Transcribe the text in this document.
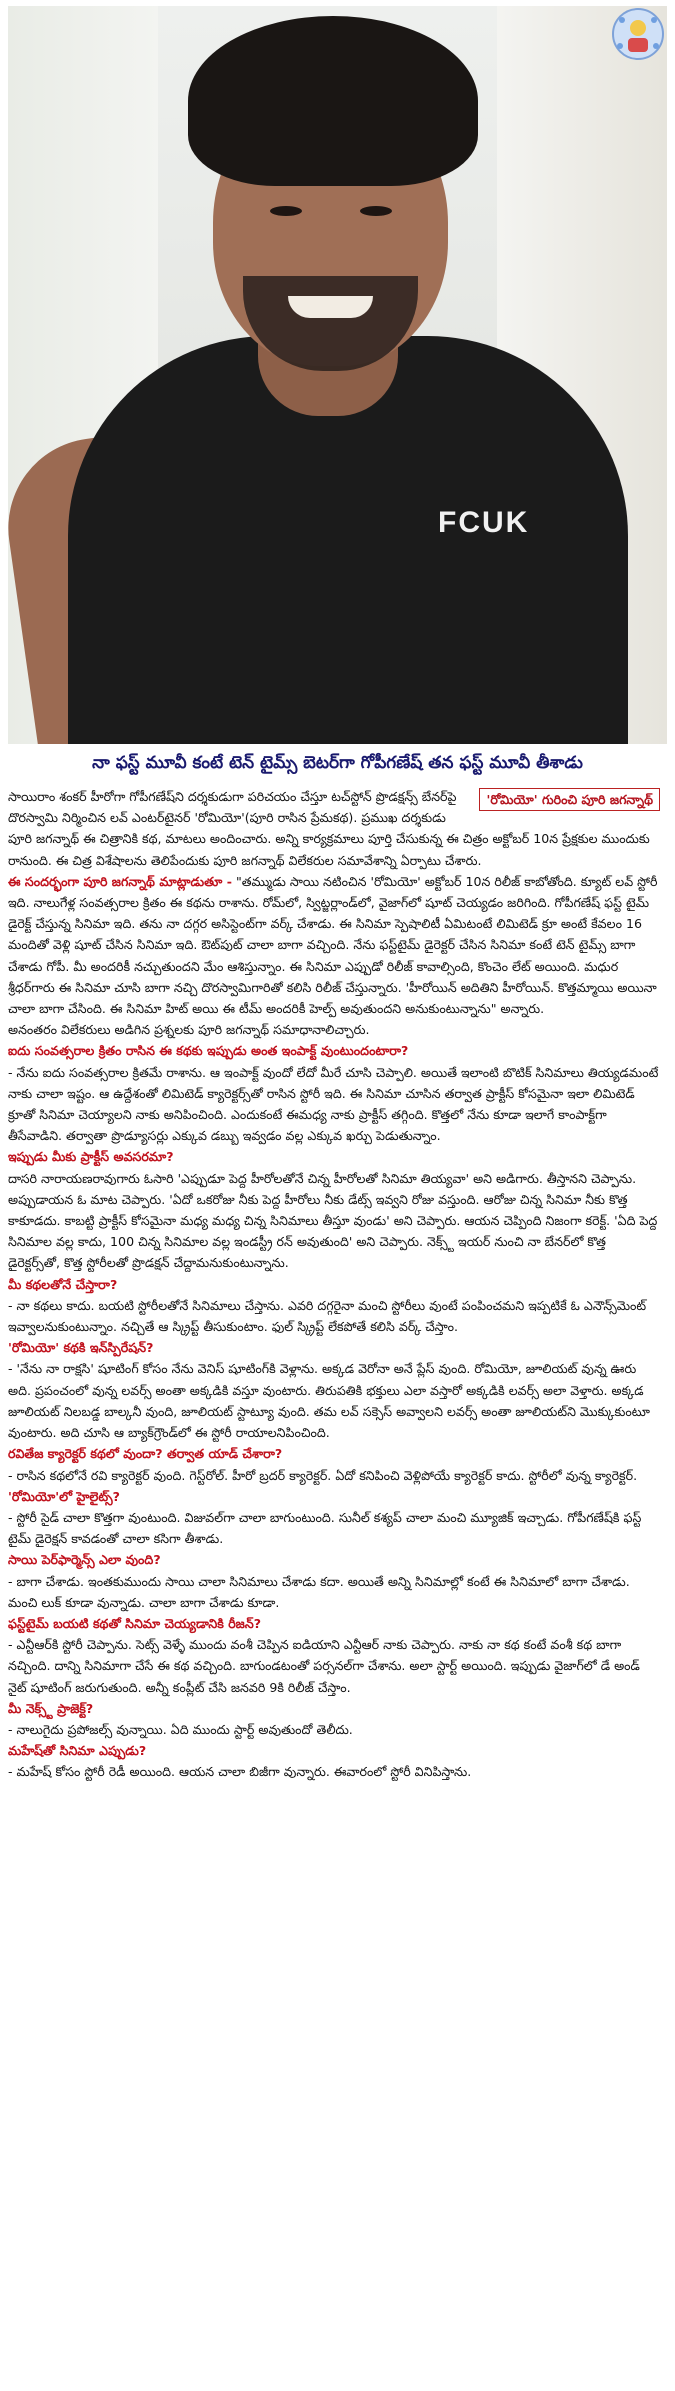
FCUK
నా ఫస్ట్ మూవీ కంటే టెన్ టైమ్స్ బెటర్‌గా గోపీగణేష్ తన ఫస్ట్ మూవీ తీశాడు
'రోమియో' గురించి పూరి జగన్నాథ్

సాయిరాం శంకర్ హీరోగా గోపీగణేష్‌ని దర్శకుడుగా పరిచయం చేస్తూ టచ్‌స్టోన్ ప్రొడక్షన్స్ బేనర్‌పై దొరస్వామి నిర్మించిన లవ్ ఎంటర్‌టైనర్ 'రోమియో'(పూరి రాసిన ప్రేమకథ). ప్రముఖ దర్శకుడు పూరి జగన్నాథ్ ఈ చిత్రానికి కథ, మాటలు అందించారు. అన్ని కార్యక్రమాలు పూర్తి చేసుకున్న ఈ చిత్రం అక్టోబర్ 10న ప్రేక్షకుల ముందుకు రానుంది. ఈ చిత్ర విశేషాలను తెలిపేందుకు పూరి జగన్నాథ్ విలేకరుల సమావేశాన్ని ఏర్పాటు చేశారు.

ఈ సందర్భంగా పూరి జగన్నాథ్ మాట్లాడుతూ - "తమ్ముడు సాయి నటించిన 'రోమియో' అక్టోబర్ 10న రిలీజ్ కాబోతోంది. క్యూట్ లవ్ స్టోరీ ఇది. నాలుగేెళ్ల సంవత్సరాల క్రితం ఈ కథను రాశాను. రోమ్‌లో, స్విట్జర్లాండ్‌లో, వైజాగ్‌లో షూట్ చెయ్యడం జరిగింది. గోపీగణేష్ ఫస్ట్ టైమ్ డైరెక్ట్ చేస్తున్న సినిమా ఇది. తను నా దగ్గర అసిస్టెంట్‌గా వర్క్ చేశాడు. ఈ సినిమా స్పెషాలిటీ ఏమిటంటే లిమిటెడ్ క్రూ అంటే కేవలం 16 మందితో వెళ్లి షూట్ చేసిన సినిమా ఇది. ఔట్‌పుట్ చాలా బాగా వచ్చింది. నేను ఫస్ట్‌టైమ్ డైరెక్టర్ చేసిన సినిమా కంటే టెన్ టైమ్స్ బాగా చేశాడు గోపీ. మీ అందరికీ నచ్చుతుందని మేం ఆశిస్తున్నాం. ఈ సినిమా ఎప్పుడో రిలీజ్ కావాల్సింది, కొంచెం లేట్ అయింది. మధుర శ్రీధర్‌గారు ఈ సినిమా చూసి బాగా నచ్చి దొరస్వామిగారితో కలిసి రిలీజ్ చేస్తున్నారు. 'హీరోయిన్ అదితిని హీరోయిన్. కొత్తమ్మాయి అయినా చాలా బాగా చేసింది. ఈ సినిమా హిట్ అయి ఈ టీమ్ అందరికీ హెల్ప్ అవుతుందని అనుకుంటున్నాను" అన్నారు.

అనంతరం విలేకరులు అడిగిన ప్రశ్నలకు పూరి జగన్నాథ్ సమాధానాలిచ్చారు.

ఐదు సంవత్సరాల క్రితం రాసిన ఈ కథకు ఇప్పుడు అంత ఇంపాక్ట్ వుంటుందంటారా?

- నేను ఐదు సంవత్సరాల క్రితమే రాశాను. ఆ ఇంపాక్ట్ వుందో లేదో మీరే చూసి చెప్పాలి. అయితే ఇలాంటి బొటిక్ సినిమాలు తియ్యడమంటే నాకు చాలా ఇష్టం. ఆ ఉద్దేశంతో లిమిటెడ్ క్యారెక్టర్స్‌తో రాసిన స్టోరీ ఇది. ఈ సినిమా చూసిన తర్వాత ప్రాక్టీస్ కోసమైనా ఇలా లిమిటెడ్ క్రూతో సినిమా చెయ్యాలని నాకు అనిపించింది. ఎందుకంటే ఈమధ్య నాకు ప్రాక్టీస్ తగ్గింది. కొత్తలో నేను కూడా ఇలాగే కాంపాక్ట్‌గా తీసేవాడిని. తర్వాతా ప్రొడ్యూసర్లు ఎక్కువ డబ్బు ఇవ్వడం వల్ల ఎక్కువ ఖర్చు పెడుతున్నాం.

ఇప్పుడు మీకు ప్రాక్టీస్ అవసరమా?

దాసరి నారాయణరావుగారు ఓసారి 'ఎప్పుడూ పెద్ద హీరోలతోనే చిన్న హీరోలతో సినిమా తియ్యవా' అని అడిగారు. తీస్తానని చెప్పాను. అప్పుడాయన ఓ మాట చెప్పారు. 'ఏదో ఒకరోజు నీకు పెద్ద హీరోలు నీకు డేట్స్ ఇవ్వని రోజు వస్తుంది. ఆరోజు చిన్న సినిమా నీకు కొత్త కాకూడదు. కాబట్టి ప్రాక్టీస్ కోసమైనా మధ్య మధ్య చిన్న సినిమాలు తీస్తూ వుండు' అని చెప్పారు. ఆయన చెప్పింది నిజంగా కరెక్ట్. 'ఏది పెద్ద సినిమాల వల్ల కాదు, 100 చిన్న సినిమాల వల్ల ఇండస్ట్రీ రన్ అవుతుంది' అని చెప్పారు. నెక్స్ట్ ఇయర్ నుంచి నా బేనర్‌లో కొత్త డైరెక్టర్స్‌తో, కొత్త స్టోరీలతో ప్రొడక్షన్ చేద్దామనుకుంటున్నాను.

మీ కథలతోనే చేస్తారా?

- నా కథలు కాదు. బయటి స్టోరీలతోనే సినిమాలు చేస్తాను. ఎవరి దగ్గరైనా మంచి స్టోరీలు వుంటే పంపించమని ఇప్పటికే ఓ ఎనౌన్స్‌మెంట్ ఇవ్వాలనుకుంటున్నాం. నచ్చితే ఆ స్క్రిప్ట్ తీసుకుంటాం. ఫుల్ స్క్రిప్ట్ లేకపోతే కలిసి వర్క్ చేస్తాం.

'రోమియో' కథకి ఇన్‌స్పిరేషన్?

- 'నేను నా రాక్షసి' షూటింగ్ కోసం నేను వెనిస్ షూటింగ్‌కి వెళ్లాను. అక్కడ వెరోనా అనే ప్లేస్ వుంది. రోమియో, జూలియట్ వున్న ఊరు అది. ప్రపంచంలో వున్న లవర్స్ అంతా అక్కడికి వస్తూ వుంటారు. తిరుపతికి భక్తులు ఎలా వస్తారో అక్కడికి లవర్స్ అలా వెళ్తారు. అక్కడ జూలియట్ నిలబడ్డ బాల్కనీ వుంది, జూలియట్ స్టాట్యూ వుంది. తమ లవ్ సక్సెస్ అవ్వాలని లవర్స్ అంతా జూలియట్‌ని మొక్కుకుంటూ వుంటారు. అది చూసి ఆ బ్యాక్‌గ్రౌండ్‌లో ఈ స్టోరీ రాయాలనిపించింది.

రవితేజ క్యారెక్టర్ కథలో వుందా? తర్వాత యాడ్ చేశారా?

- రాసిన కథలోనే రవి క్యారెక్టర్ వుంది. గెస్ట్‌రోల్. హీరో బ్రదర్ క్యారెక్టర్. ఏదో కనిపించి వెళ్లిపోయే క్యారెక్టర్ కాదు. స్టోరీలో వున్న క్యారెక్టర్.

'రోమియో'లో హైలైట్స్?

- స్టోరీ సైడ్ చాలా కొత్తగా వుంటుంది. విజువల్‌గా చాలా బాగుంటుంది. సునీల్ కశ్యప్ చాలా మంచి మ్యూజిక్ ఇచ్చాడు. గోపీగణేష్‌కి ఫస్ట్ టైమ్ డైరెక్షన్ కావడంతో చాలా కసిగా తీశాడు.

సాయి పెర్‌ఫార్మెన్స్ ఎలా వుంది?

- బాగా చేశాడు. ఇంతకుముందు సాయి చాలా సినిమాలు చేశాడు కదా. అయితే అన్ని సినిమాల్లో కంటే ఈ సినిమాలో బాగా చేశాడు. మంచి లుక్ కూడా వున్నాడు. చాలా బాగా చేశాడు కూడా.

ఫస్ట్‌టైమ్ బయటి కథతో సినిమా చెయ్యడానికి రీజన్?

- ఎన్టీఆర్‌కి స్టోరీ చెప్పాను. సెట్స్ వెళ్ళే ముందు వంశీ చెప్పిన ఐడియాని ఎన్టీఆర్ నాకు చెప్పారు. నాకు నా కథ కంటే వంశీ కథ బాగా నచ్చింది. దాన్ని సినిమాగా చేసే ఈ కథ వచ్చింది. బాగుండటంతో పర్సనల్‌గా చేశాను. అలా స్టార్ట్ అయింది. ఇప్పుడు వైజాగ్‌లో డే అండ్ నైట్ షూటింగ్ జరుగుతుంది. అన్నీ కంప్లీట్ చేసి జనవరి 9కి రిలీజ్ చేస్తాం.

మీ నెక్స్ట్ ప్రాజెక్ట్?

- నాలుగైదు ప్రపోజల్స్ వున్నాయి. ఏది ముందు స్టార్ట్ అవుతుందో తెలీదు.

మహేష్‌తో సినిమా ఎప్పుడు?

- మహేష్ కోసం స్టోరీ రెడీ అయింది. ఆయన చాలా బిజీగా వున్నారు. ఈవారంలో స్టోరీ వినిపిస్తాను.
